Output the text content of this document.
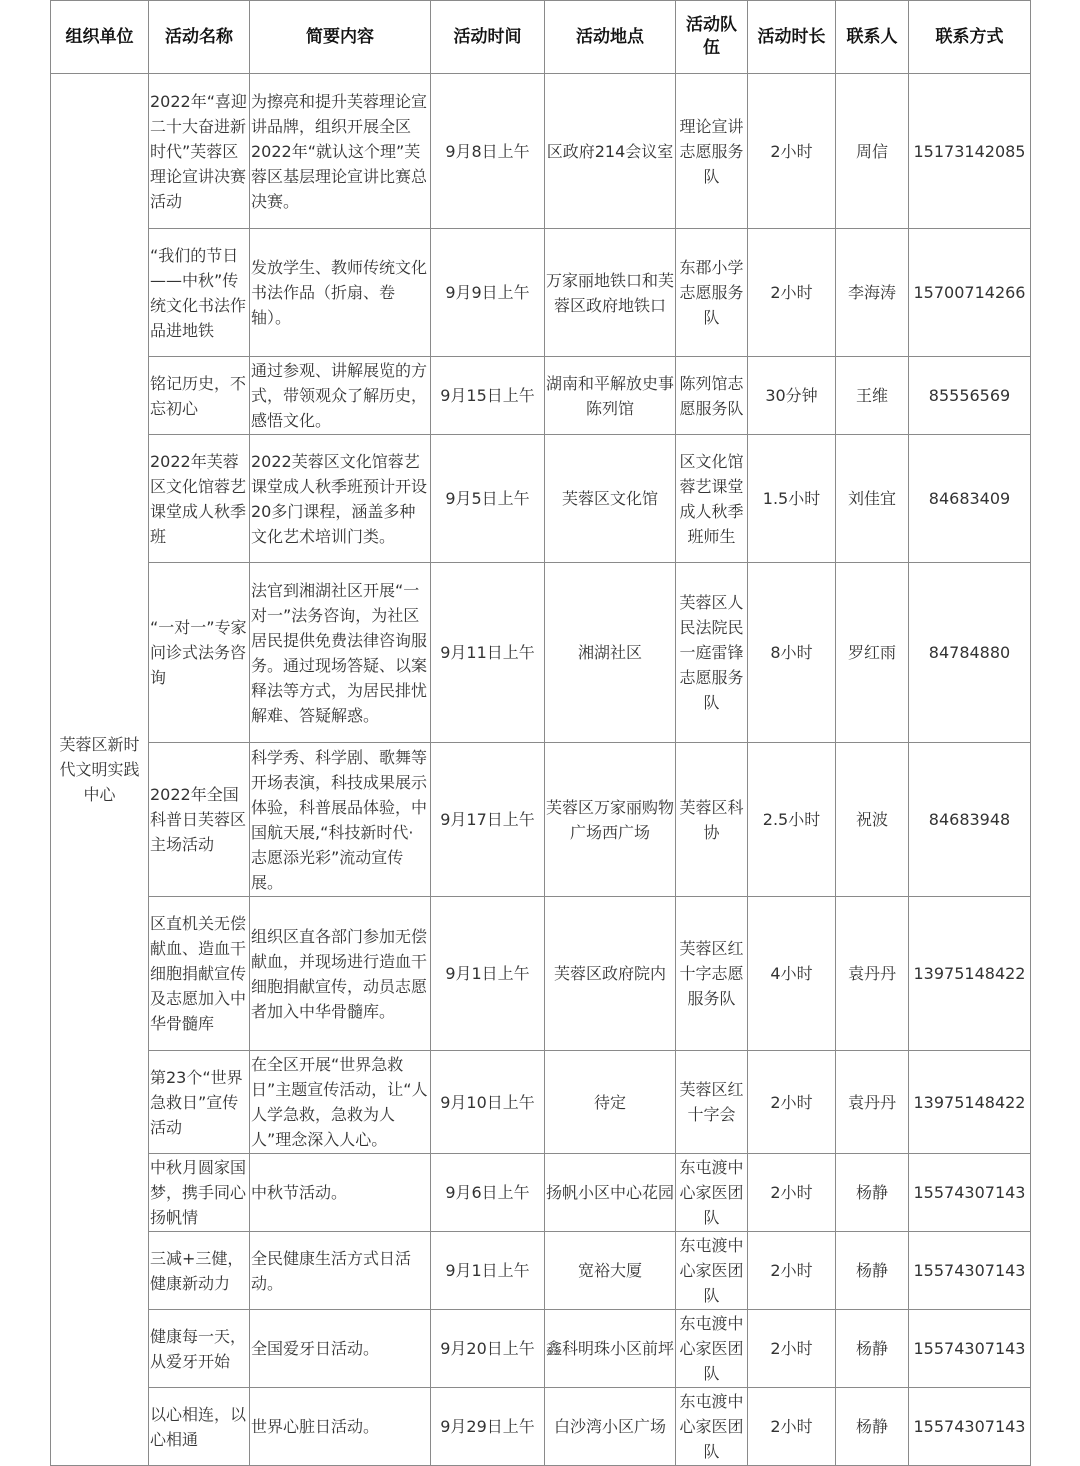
组织单位	活动名称	简要内容	活动时间	活动地点	活动队伍	活动时长	联系人	联系方式
芙蓉区新时代文明实践中心	2022年“喜迎二十大奋进新时代”芙蓉区理论宣讲决赛活动	为擦亮和提升芙蓉理论宣讲品牌，组织开展全区2022年“就认这个理”芙蓉区基层理论宣讲比赛总决赛。	9月8日上午	区政府214会议室	理论宣讲志愿服务队	2小时	周信	15173142085
	“我们的节日——中秋”传统文化书法作品进地铁	发放学生、教师传统文化书法作品（折扇、卷轴）。	9月9日上午	万家丽地铁口和芙蓉区政府地铁口	东郡小学志愿服务队	2小时	李海涛	15700714266
	铭记历史，不忘初心	通过参观、讲解展览的方式，带领观众了解历史，感悟文化。	9月15日上午	湖南和平解放史事陈列馆	陈列馆志愿服务队	30分钟	王维	85556569
	2022年芙蓉区文化馆蓉艺课堂成人秋季班	2022芙蓉区文化馆蓉艺课堂成人秋季班预计开设20多门课程，涵盖多种文化艺术培训门类。	9月5日上午	芙蓉区文化馆	区文化馆蓉艺课堂成人秋季班师生	1.5小时	刘佳宜	84683409
	“一对一”专家问诊式法务咨询	法官到湘湖社区开展“一对一”法务咨询，为社区居民提供免费法律咨询服务。通过现场答疑、以案释法等方式，为居民排忧解难、答疑解惑。	9月11日上午	湘湖社区	芙蓉区人民法院民一庭雷锋志愿服务队	8小时	罗红雨	84784880
	2022年全国科普日芙蓉区主场活动	科学秀、科学剧、歌舞等开场表演，科技成果展示体验，科普展品体验，中国航天展,“科技新时代·志愿添光彩”流动宣传展。	9月17日上午	芙蓉区万家丽购物广场西广场	芙蓉区科协	2.5小时	祝波	84683948
	区直机关无偿献血、造血干细胞捐献宣传及志愿加入中华骨髓库	组织区直各部门参加无偿献血，并现场进行造血干细胞捐献宣传，动员志愿者加入中华骨髓库。	9月1日上午	芙蓉区政府院内	芙蓉区红十字志愿服务队	4小时	袁丹丹	13975148422
	第23个“世界急救日”宣传活动	在全区开展“世界急救日”主题宣传活动，让“人人学急救，急救为人人”理念深入人心。	9月10日上午	待定	芙蓉区红十字会	2小时	袁丹丹	13975148422
	中秋月圆家国梦，携手同心扬帆情	中秋节活动。	9月6日上午	扬帆小区中心花园	东屯渡中心家医团队	2小时	杨静	15574307143
	三减+三健，健康新动力	全民健康生活方式日活动。	9月1日上午	宽裕大厦	东屯渡中心家医团队	2小时	杨静	15574307143
	健康每一天，从爱牙开始	全国爱牙日活动。	9月20日上午	鑫科明珠小区前坪	东屯渡中心家医团队	2小时	杨静	15574307143
	以心相连，以心相通	世界心脏日活动。	9月29日上午	白沙湾小区广场	东屯渡中心家医团队	2小时	杨静	15574307143
